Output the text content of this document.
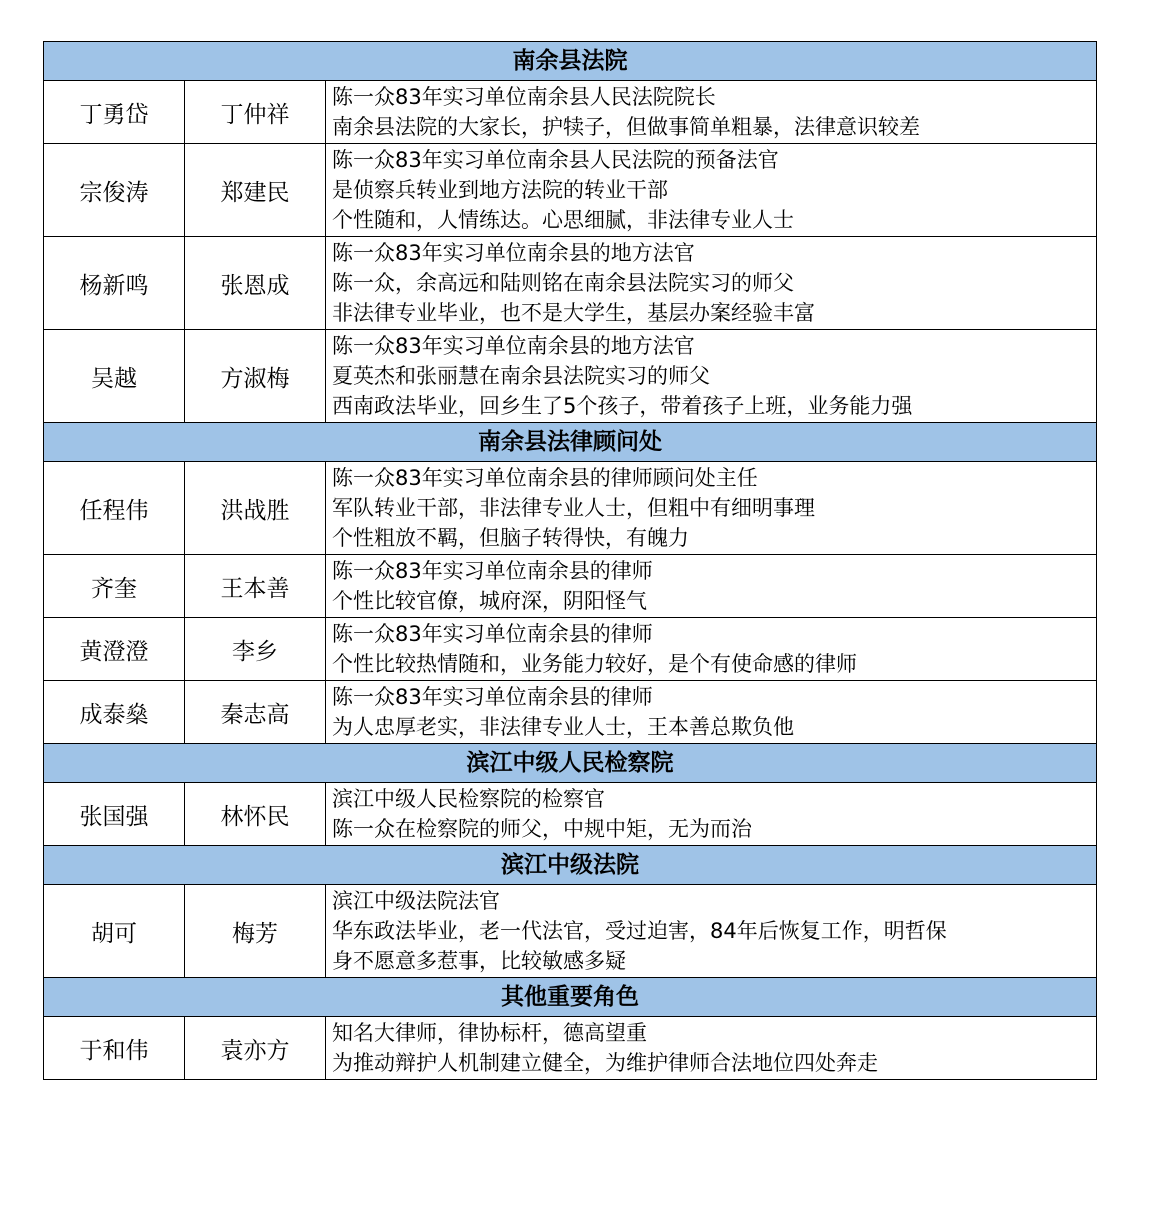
南余县法院		
丁勇岱	丁仲祥	陈一众83年实习单位南余县人民法院院长
南余县法院的大家长，护犊子，但做事简单粗暴，法律意识较差

宗俊涛	郑建民	陈一众83年实习单位南余县人民法院的预备法官
是侦察兵转业到地方法院的转业干部
个性随和，人情练达。心思细腻，非法律专业人士

杨新鸣	张恩成	陈一众83年实习单位南余县的地方法官
陈一众，余高远和陆则铭在南余县法院实习的师父
非法律专业毕业，也不是大学生，基层办案经验丰富

吴越	方淑梅	陈一众83年实习单位南余县的地方法官
夏英杰和张丽慧在南余县法院实习的师父
西南政法毕业，回乡生了5个孩子，带着孩子上班，业务能力强

南余县法律顾问处		
任程伟	洪战胜	陈一众83年实习单位南余县的律师顾问处主任
军队转业干部，非法律专业人士，但粗中有细明事理
个性粗放不羁，但脑子转得快，有魄力

齐奎	王本善	陈一众83年实习单位南余县的律师
个性比较官僚，城府深，阴阳怪气

黄澄澄	李乡	陈一众83年实习单位南余县的律师
个性比较热情随和，业务能力较好，是个有使命感的律师

成泰燊	秦志高	陈一众83年实习单位南余县的律师
为人忠厚老实，非法律专业人士，王本善总欺负他

滨江中级人民检察院		
张国强	林怀民	滨江中级人民检察院的检察官
陈一众在检察院的师父，中规中矩，无为而治

滨江中级法院		
胡可	梅芳	滨江中级法院法官
华东政法毕业，老一代法官，受过迫害，84年后恢复工作，明哲保
身不愿意多惹事，比较敏感多疑

其他重要角色		
于和伟	袁亦方	知名大律师，律协标杆，德高望重
为推动辩护人机制建立健全，为维护律师合法地位四处奔走
